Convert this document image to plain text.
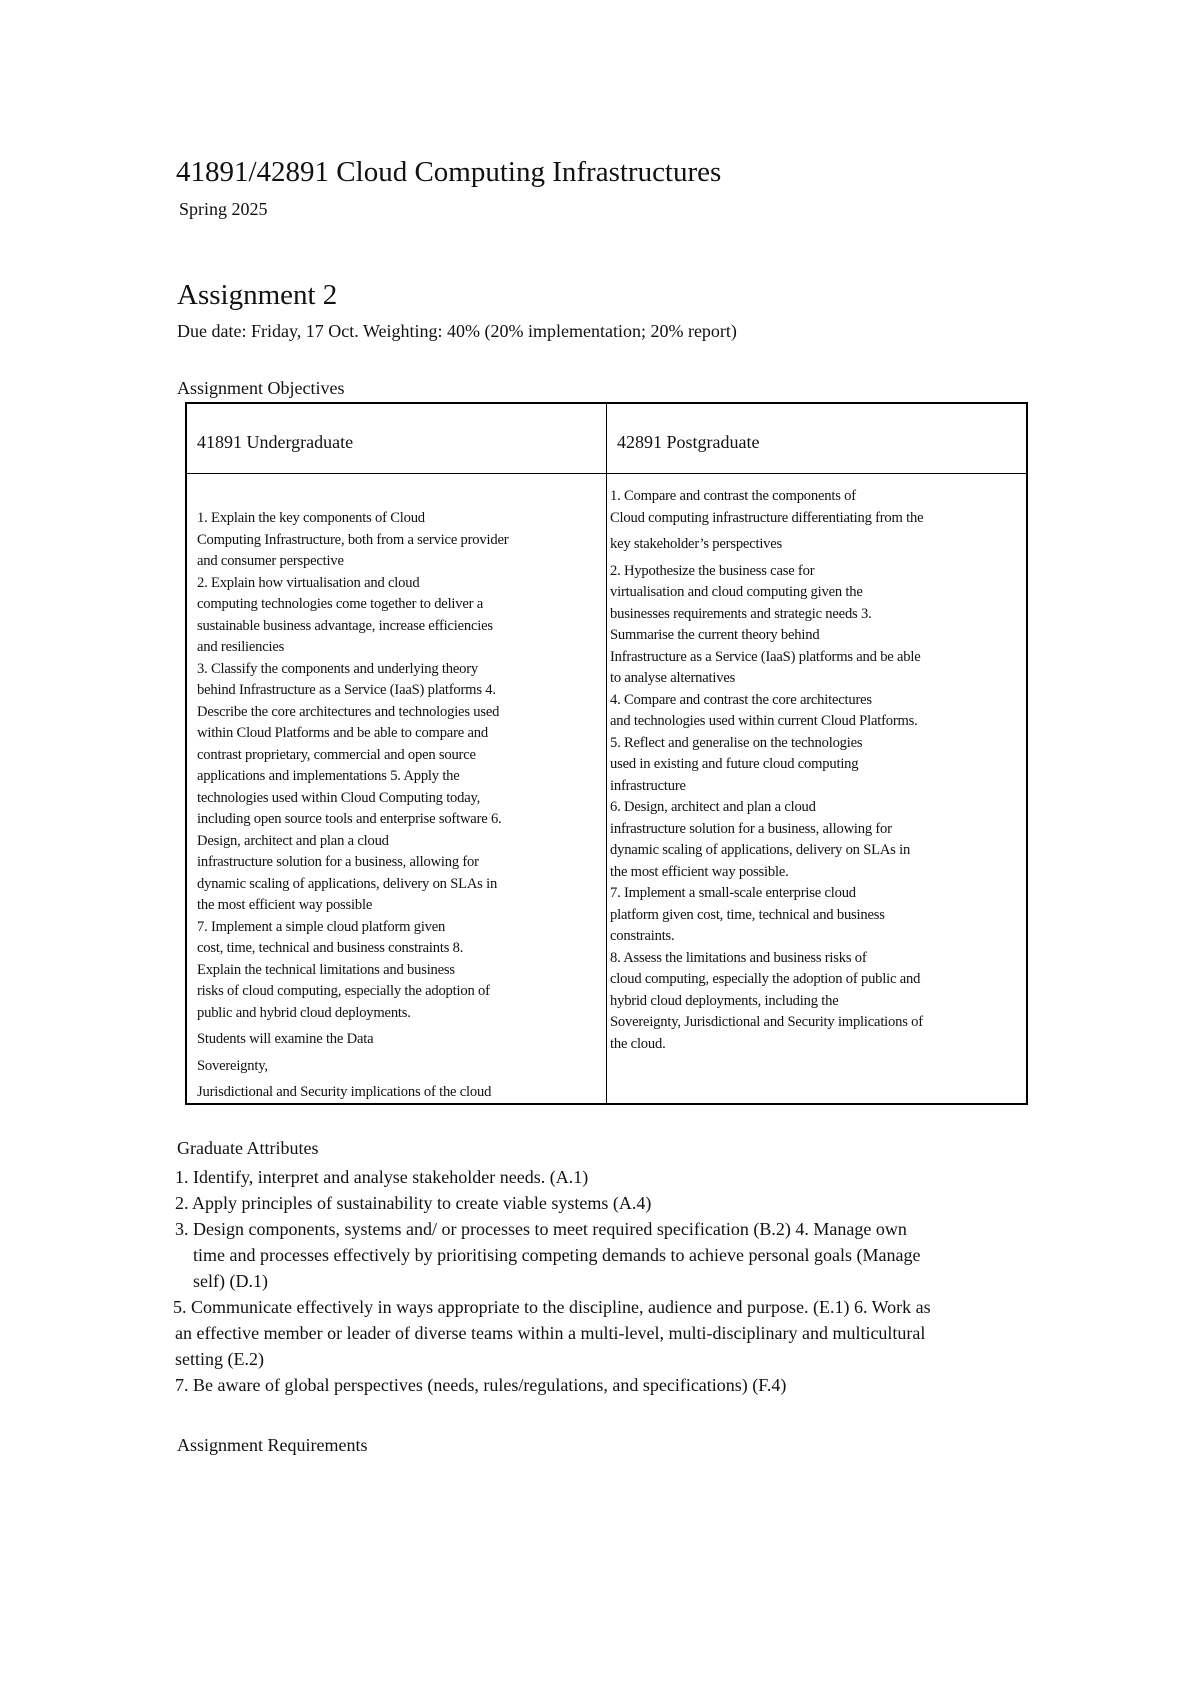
41891/42891 Cloud Computing Infrastructures
Spring 2025
Assignment 2
Due date: Friday, 17 Oct. Weighting: 40% (20% implementation; 20% report)
Assignment Objectives
41891 Undergraduate	42891 Postgraduate
1. Explain the key components of Cloud
Computing Infrastructure, both from a service provider
and consumer perspective
2. Explain how virtualisation and cloud
computing technologies come together to deliver a
sustainable business advantage, increase efficiencies
and resiliencies
3. Classify the components and underlying theory
behind Infrastructure as a Service (IaaS) platforms 4.
Describe the core architectures and technologies used
within Cloud Platforms and be able to compare and
contrast proprietary, commercial and open source
applications and implementations 5. Apply the
technologies used within Cloud Computing today,
including open source tools and enterprise software 6.
Design, architect and plan a cloud
infrastructure solution for a business, allowing for
dynamic scaling of applications, delivery on SLAs in
the most efficient way possible
7. Implement a simple cloud platform given
cost, time, technical and business constraints 8.
Explain the technical limitations and business
risks of cloud computing, especially the adoption of
public and hybrid cloud deployments.
Students will examine the Data
Sovereignty,
Jurisdictional and Security implications of the cloud
1. Compare and contrast the components of
Cloud computing infrastructure differentiating from the
key stakeholder’s perspectives
2. Hypothesize the business case for
virtualisation and cloud computing given the
businesses requirements and strategic needs 3.
Summarise the current theory behind
Infrastructure as a Service (IaaS) platforms and be able
to analyse alternatives
4. Compare and contrast the core architectures
and technologies used within current Cloud Platforms.
5. Reflect and generalise on the technologies
used in existing and future cloud computing
infrastructure
6. Design, architect and plan a cloud
infrastructure solution for a business, allowing for
dynamic scaling of applications, delivery on SLAs in
the most efficient way possible.
7. Implement a small-scale enterprise cloud
platform given cost, time, technical and business
constraints.
8. Assess the limitations and business risks of
cloud computing, especially the adoption of public and
hybrid cloud deployments, including the
Sovereignty, Jurisdictional and Security implications of
the cloud.
Graduate Attributes
1. Identify, interpret and analyse stakeholder needs. (A.1)
2. Apply principles of sustainability to create viable systems (A.4)
3. Design components, systems and/ or processes to meet required specification (B.2) 4. Manage own
time and processes effectively by prioritising competing demands to achieve personal goals (Manage
self) (D.1)
5. Communicate effectively in ways appropriate to the discipline, audience and purpose. (E.1) 6. Work as
an effective member or leader of diverse teams within a multi-level, multi-disciplinary and multicultural
setting (E.2)
7. Be aware of global perspectives (needs, rules/regulations, and specifications) (F.4)
Assignment Requirements
